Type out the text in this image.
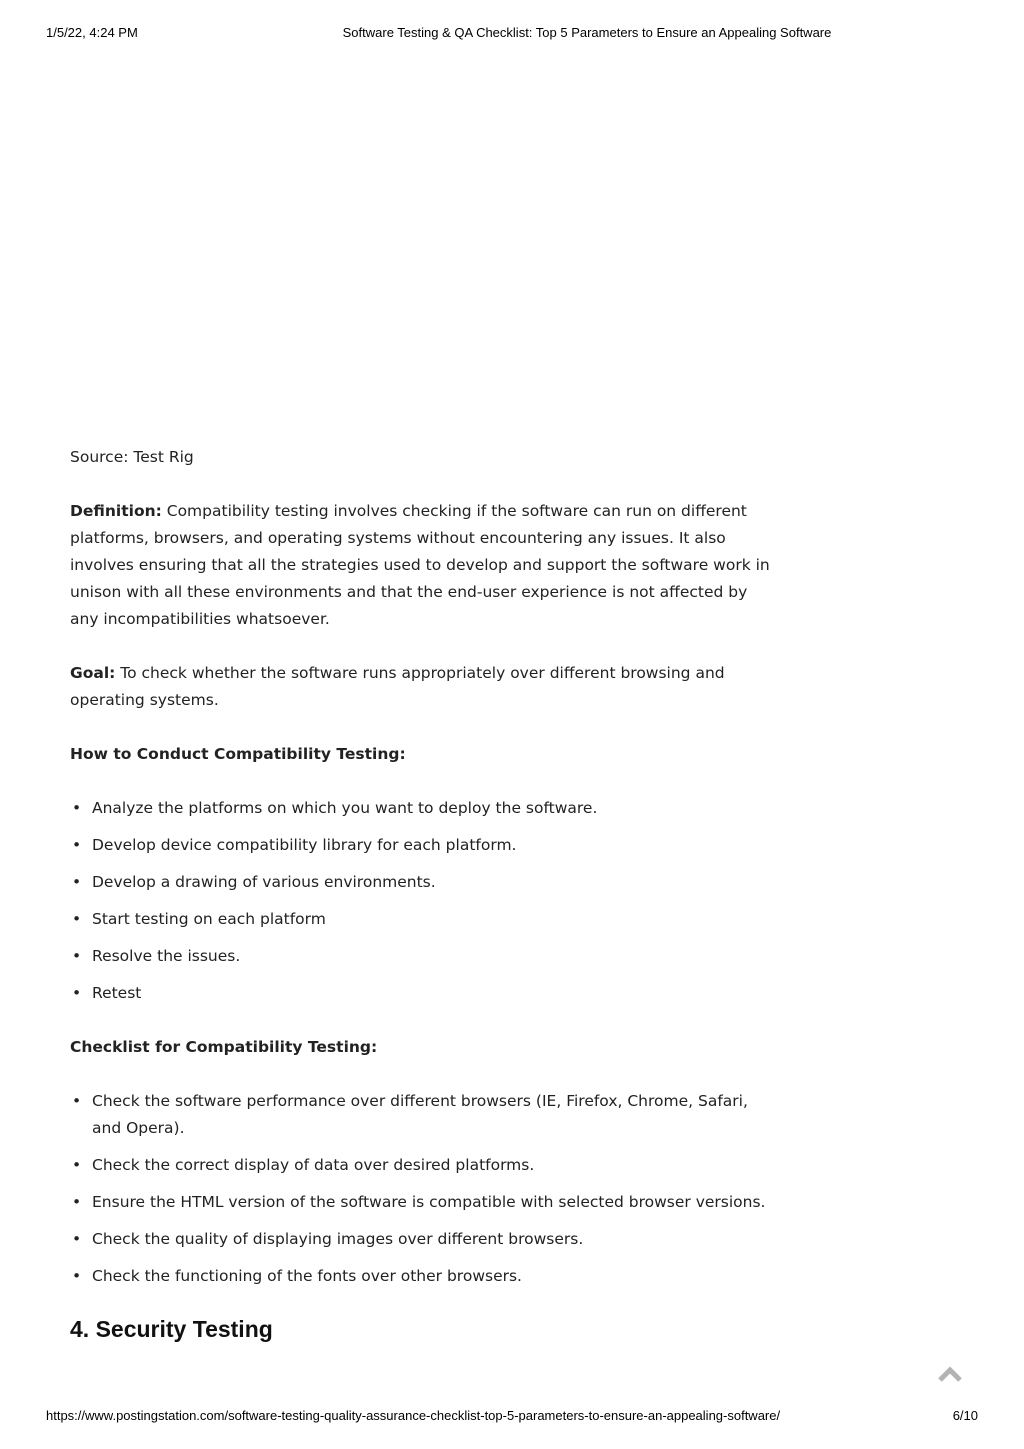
1/5/22, 4:24 PM	Software Testing & QA Checklist: Top 5 Parameters to Ensure an Appealing Software

Source: Test Rig

Definition: Compatibility testing involves checking if the software can run on different platforms, browsers, and operating systems without encountering any issues. It also involves ensuring that all the strategies used to develop and support the software work in unison with all these environments and that the end-user experience is not affected by any incompatibilities whatsoever.

Goal: To check whether the software runs appropriately over different browsing and operating systems.

How to Conduct Compatibility Testing:

• Analyze the platforms on which you want to deploy the software.
• Develop device compatibility library for each platform.
• Develop a drawing of various environments.
• Start testing on each platform
• Resolve the issues.
• Retest

Checklist for Compatibility Testing:

• Check the software performance over different browsers (IE, Firefox, Chrome, Safari, and Opera).
• Check the correct display of data over desired platforms.
• Ensure the HTML version of the software is compatible with selected browser versions.
• Check the quality of displaying images over different browsers.
• Check the functioning of the fonts over other browsers.
4. Security Testing
https://www.postingstation.com/software-testing-quality-assurance-checklist-top-5-parameters-to-ensure-an-appealing-software/	6/10
